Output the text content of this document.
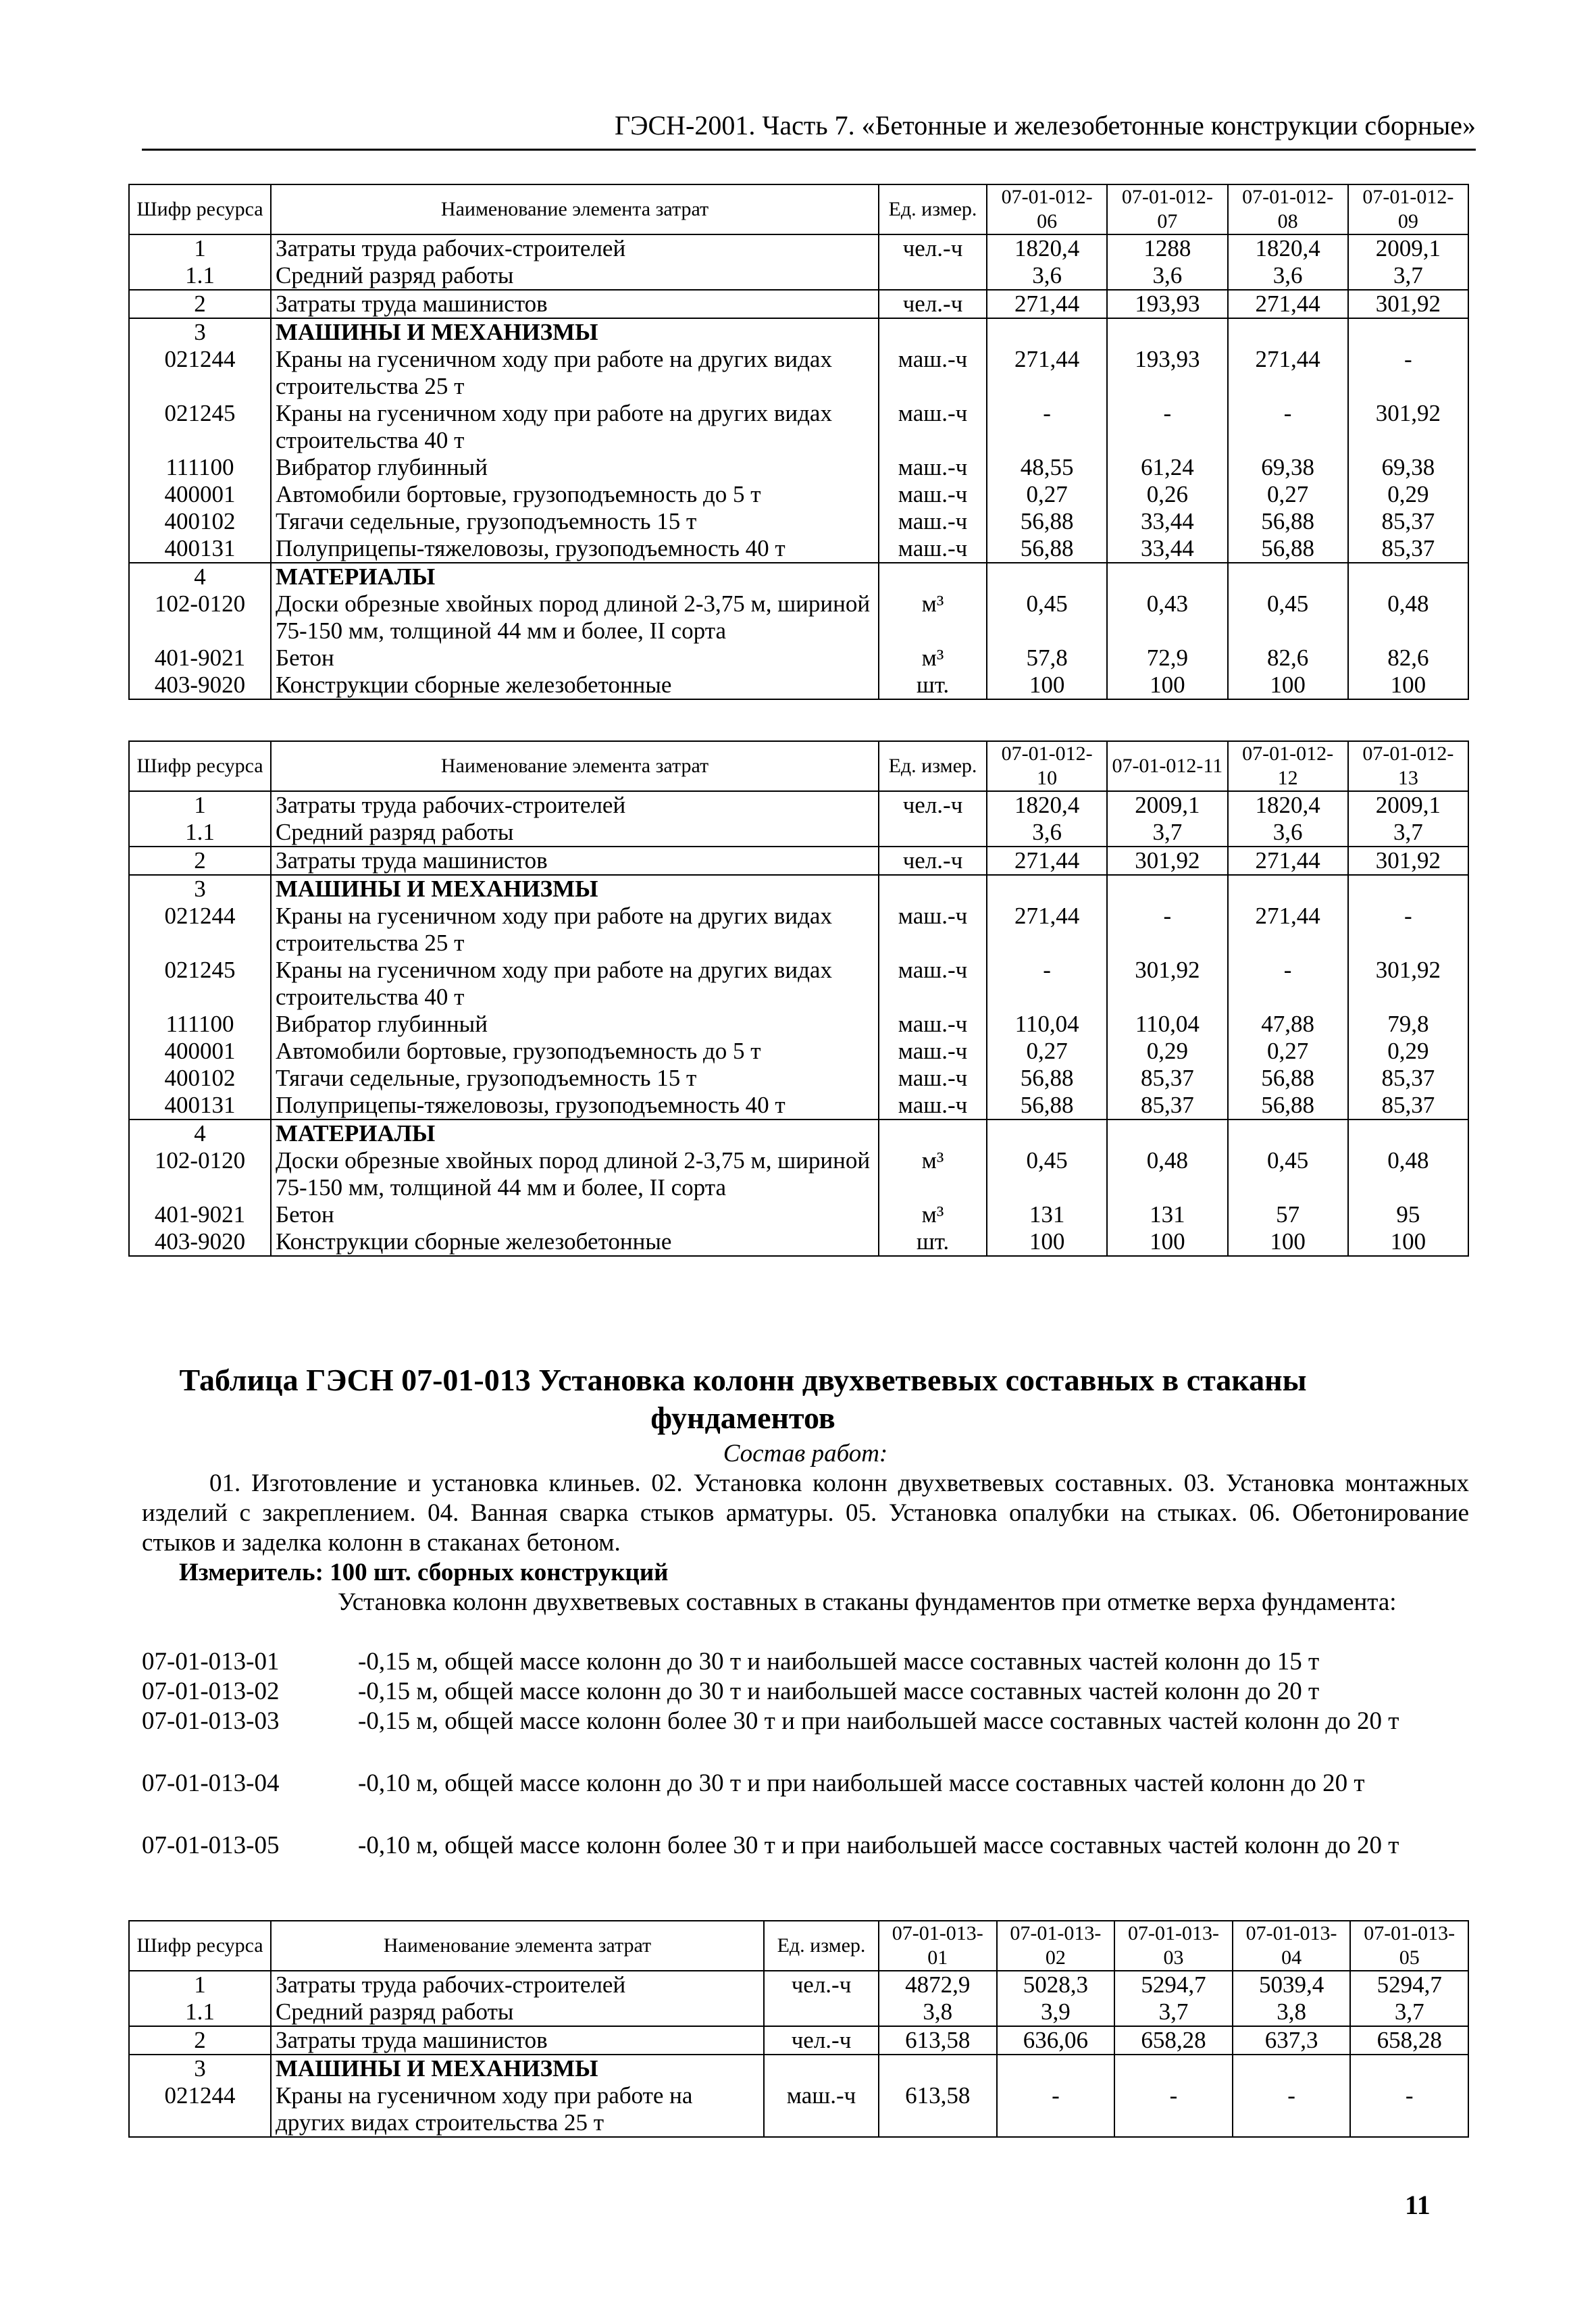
ГЭСН-2001. Часть 7. «Бетонные и железобетонные конструкции сборные»
Шифр ресурса	Наименование элемента затрат	Ед. измер.	07-01-012-06	07-01-012-07	07-01-012-08	07-01-012-09
1	Затраты труда рабочих-строителей	чел.-ч	1820,4	1288	1820,4	2009,1
1.1	Средний разряд работы		3,6	3,6	3,6	3,7
2	Затраты труда машинистов	чел.-ч	271,44	193,93	271,44	301,92
3	МАШИНЫ И МЕХАНИЗМЫ					
021244	Краны на гусеничном ходу при работе на других видах строительства 25 т	маш.-ч	271,44	193,93	271,44	-
021245	Краны на гусеничном ходу при работе на других видах строительства 40 т	маш.-ч	-	-	-	301,92
111100	Вибратор глубинный	маш.-ч	48,55	61,24	69,38	69,38
400001	Автомобили бортовые, грузоподъемность до 5 т	маш.-ч	0,27	0,26	0,27	0,29
400102	Тягачи седельные, грузоподъемность 15 т	маш.-ч	56,88	33,44	56,88	85,37
400131	Полуприцепы-тяжеловозы, грузоподъемность 40 т	маш.-ч	56,88	33,44	56,88	85,37
4	МАТЕРИАЛЫ					
102-0120	Доски обрезные хвойных пород длиной 2-3,75 м, шириной 75-150 мм, толщиной 44 мм и более, II сорта	м³	0,45	0,43	0,45	0,48
401-9021	Бетон	м³	57,8	72,9	82,6	82,6
403-9020	Конструкции сборные железобетонные	шт.	100	100	100	100
Шифр ресурса	Наименование элемента затрат	Ед. измер.	07-01-012-10	07-01-012-11	07-01-012-12	07-01-012-13
1	Затраты труда рабочих-строителей	чел.-ч	1820,4	2009,1	1820,4	2009,1
1.1	Средний разряд работы		3,6	3,7	3,6	3,7
2	Затраты труда машинистов	чел.-ч	271,44	301,92	271,44	301,92
3	МАШИНЫ И МЕХАНИЗМЫ					
021244	Краны на гусеничном ходу при работе на других видах строительства 25 т	маш.-ч	271,44	-	271,44	-
021245	Краны на гусеничном ходу при работе на других видах строительства 40 т	маш.-ч	-	301,92	-	301,92
111100	Вибратор глубинный	маш.-ч	110,04	110,04	47,88	79,8
400001	Автомобили бортовые, грузоподъемность до 5 т	маш.-ч	0,27	0,29	0,27	0,29
400102	Тягачи седельные, грузоподъемность 15 т	маш.-ч	56,88	85,37	56,88	85,37
400131	Полуприцепы-тяжеловозы, грузоподъемность 40 т	маш.-ч	56,88	85,37	56,88	85,37
4	МАТЕРИАЛЫ					
102-0120	Доски обрезные хвойных пород длиной 2-3,75 м, шириной 75-150 мм, толщиной 44 мм и более, II сорта	м³	0,45	0,48	0,45	0,48
401-9021	Бетон	м³	131	131	57	95
403-9020	Конструкции сборные железобетонные	шт.	100	100	100	100
Таблица ГЭСН 07-01-013 Установка колонн двухветвевых составных в стаканы фундаментов
Состав работ:
01. Изготовление и установка клиньев. 02. Установка колонн двухветвевых составных. 03. Установка монтажных изделий с закреплением. 04. Ванная сварка стыков арматуры. 05. Установка опалубки на стыках. 06. Обетонирование стыков и заделка колонн в стаканах бетоном.
Измеритель: 100 шт. сборных конструкций
Установка колонн двухветвевых составных в стаканы фундаментов при отметке верха фундамента:
07-01-013-01	-0,15 м, общей массе колонн до 30 т и наибольшей массе составных частей колонн до 15 т
07-01-013-02	-0,15 м, общей массе колонн до 30 т и наибольшей массе составных частей колонн до 20 т
07-01-013-03	-0,15 м, общей массе колонн более 30 т и при наибольшей массе составных частей колонн до 20 т
07-01-013-04	-0,10 м, общей массе колонн до 30 т и при наибольшей массе составных частей колонн до 20 т
07-01-013-05	-0,10 м, общей массе колонн более 30 т и при наибольшей массе составных частей колонн до 20 т
Шифр ресурса	Наименование элемента затрат	Ед. измер.	07-01-013-01	07-01-013-02	07-01-013-03	07-01-013-04	07-01-013-05
1	Затраты труда рабочих-строителей	чел.-ч	4872,9	5028,3	5294,7	5039,4	5294,7
1.1	Средний разряд работы		3,8	3,9	3,7	3,8	3,7
2	Затраты труда машинистов	чел.-ч	613,58	636,06	658,28	637,3	658,28
3	МАШИНЫ И МЕХАНИЗМЫ						
021244	Краны на гусеничном ходу при работе на других видах строительства 25 т	маш.-ч	613,58	-	-	-	-
11
